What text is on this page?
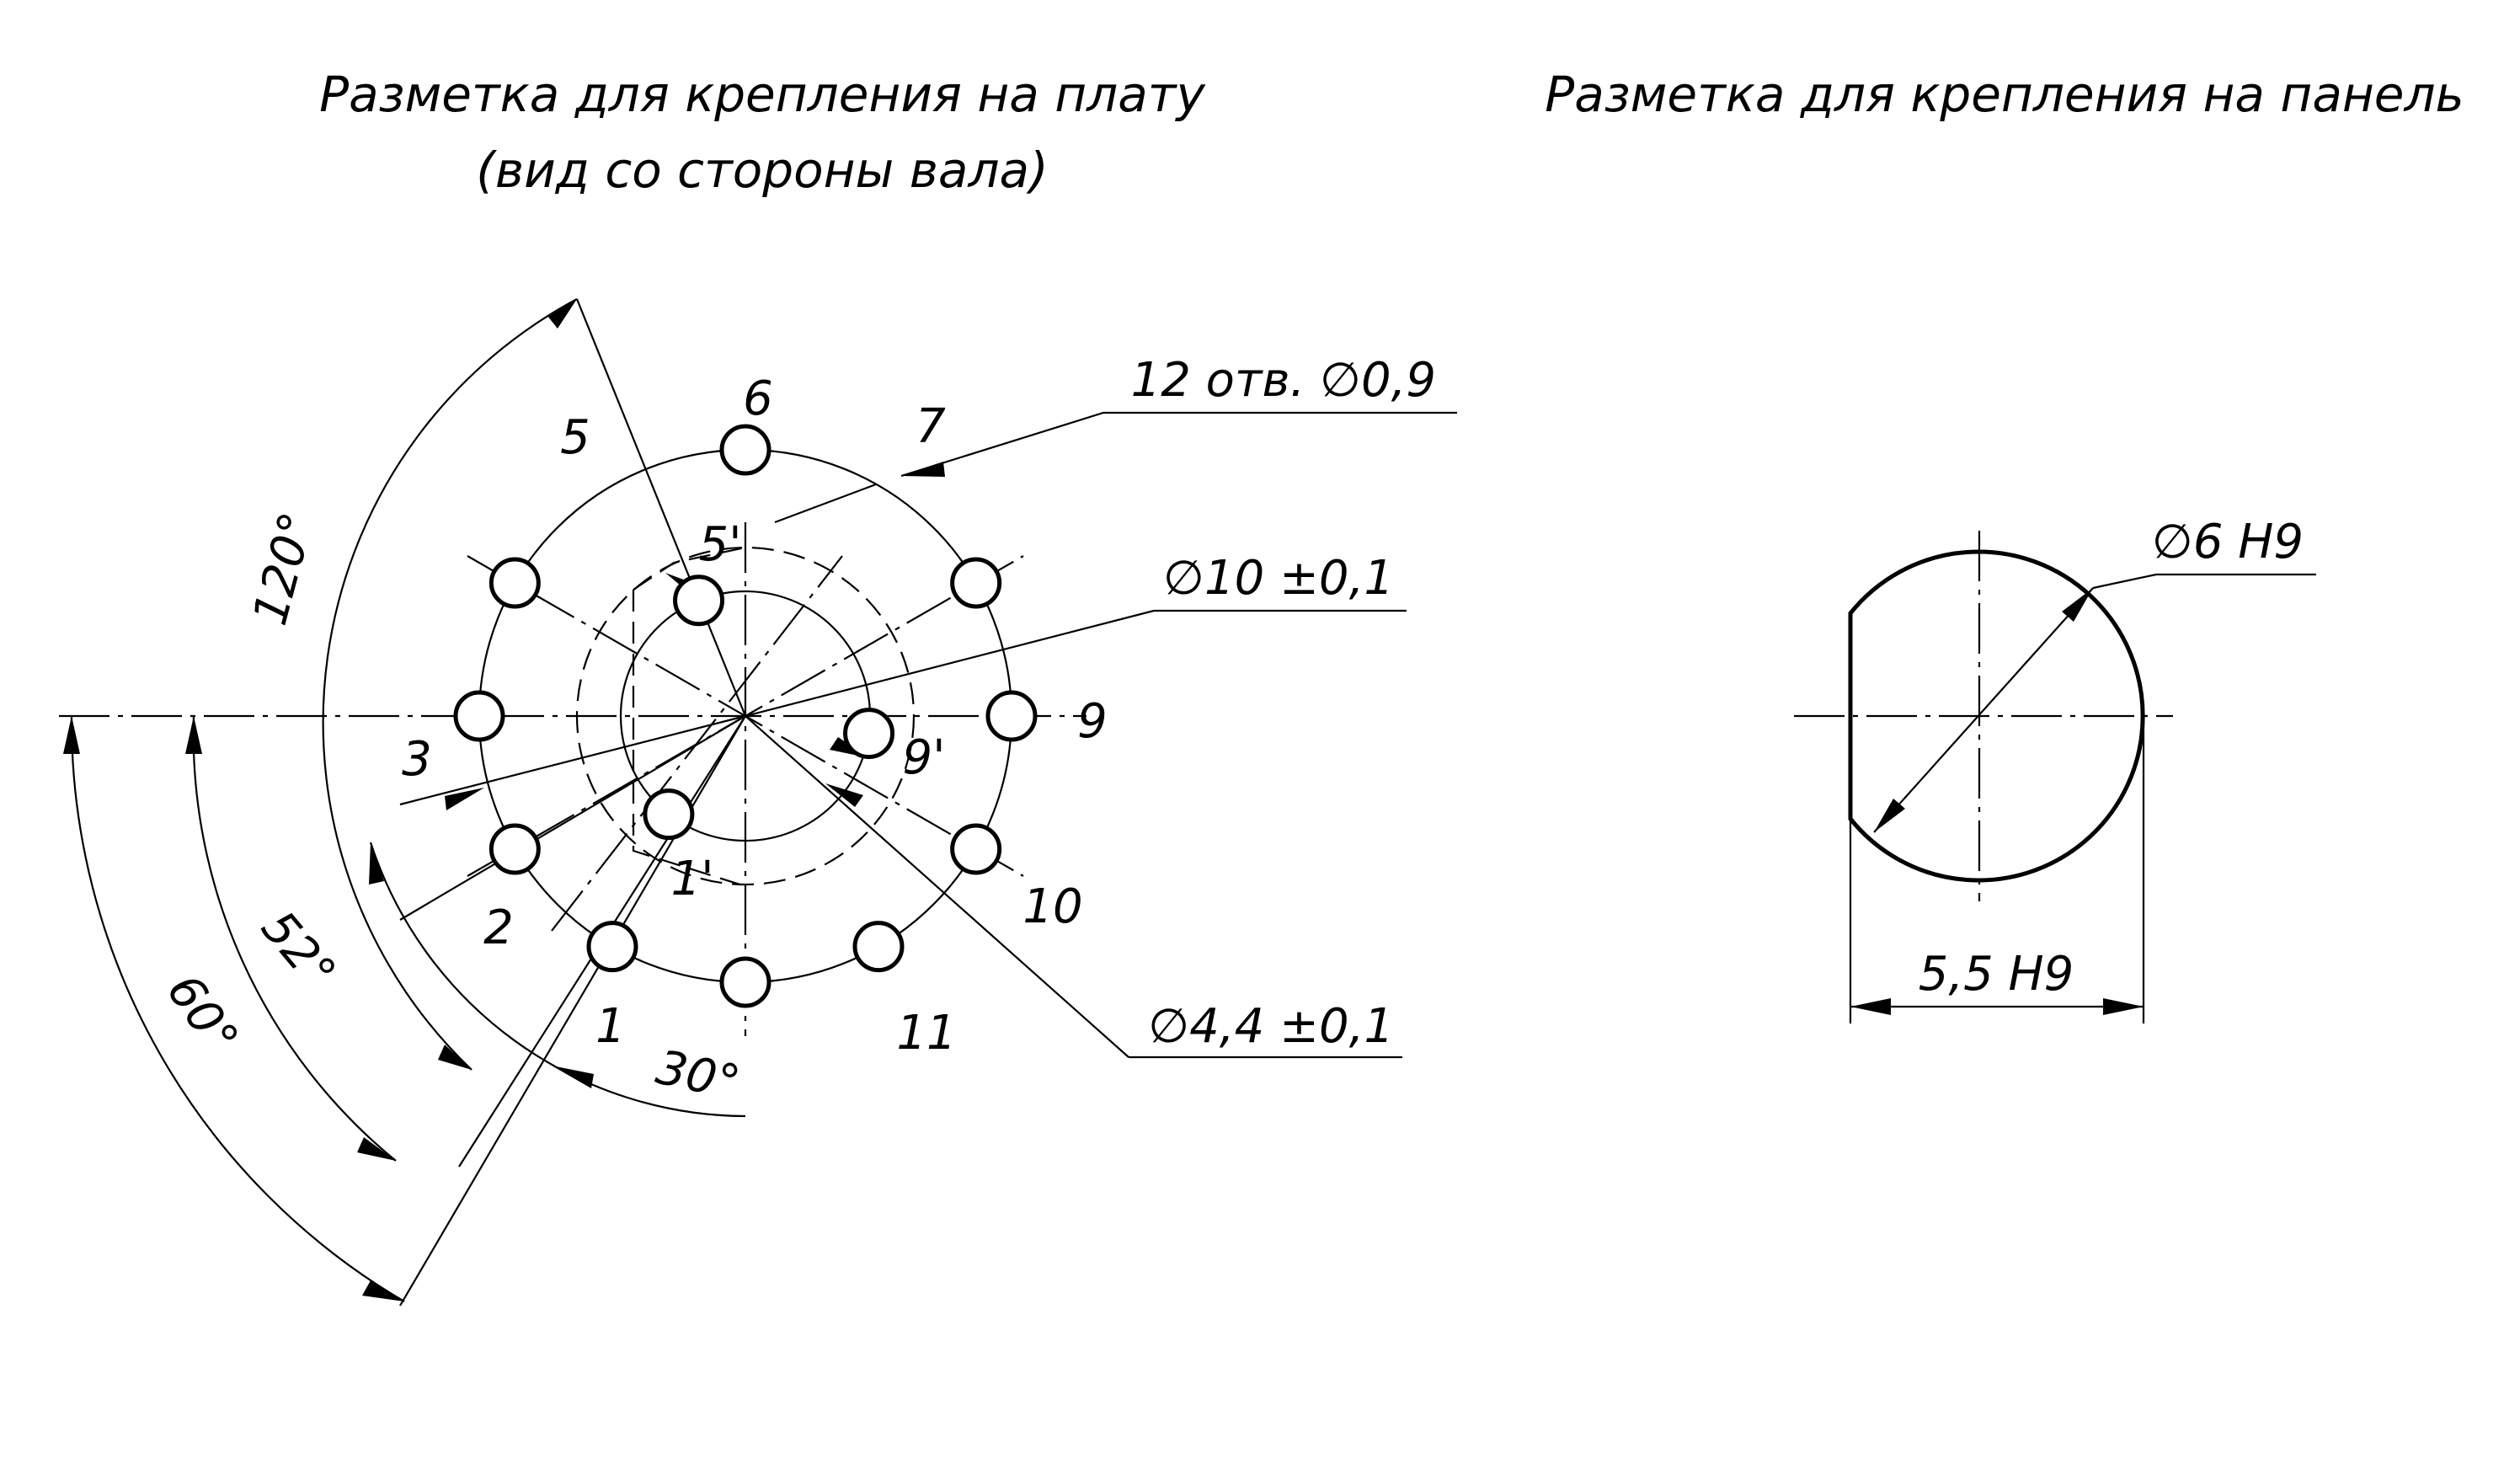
Разметка для крепления на плату
(вид со стороны вала)
Разметка для крепления на панель
1
2
3
5
6
7
9
10
11
1'
5'
9'
120°
60°
52°
30°
12 отв. ∅0,9
∅10 ±0,1
∅4,4 ±0,1
∅6 H9
5,5 H9
